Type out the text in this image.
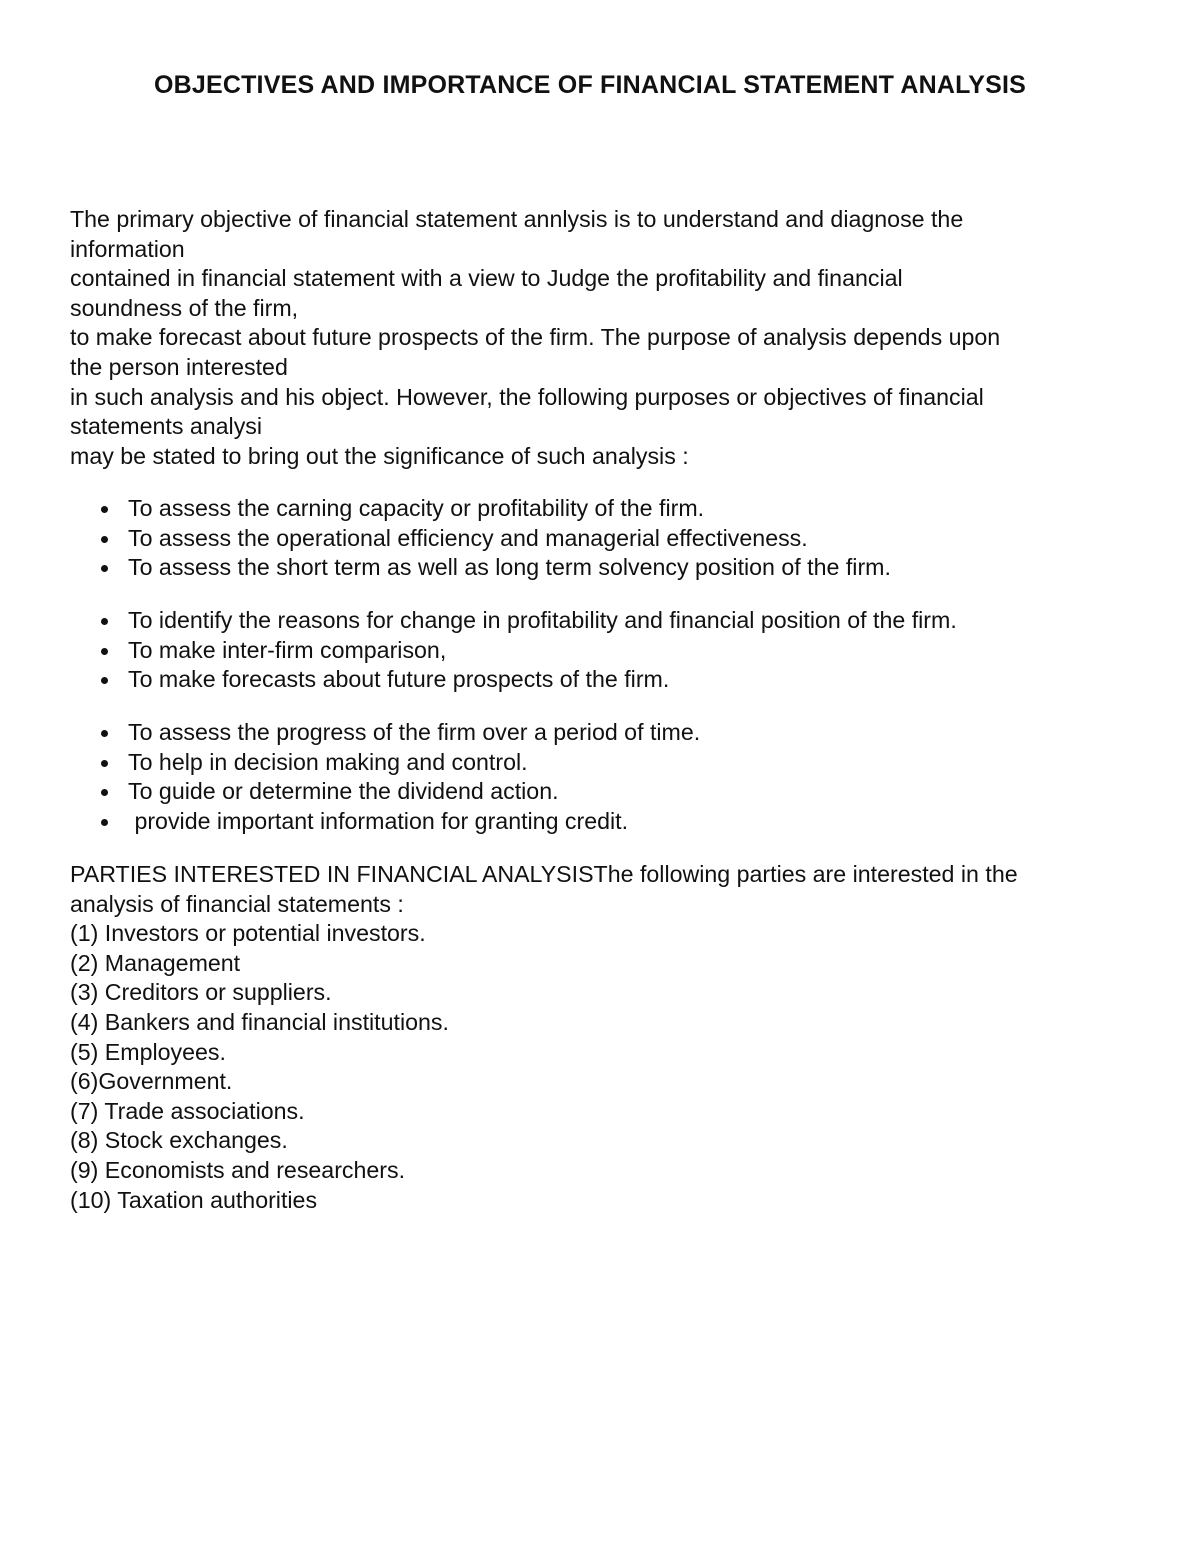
OBJECTIVES AND IMPORTANCE OF FINANCIAL STATEMENT ANALYSIS
The primary objective of financial statement annlysis is to understand and diagnose the
information
contained in financial statement with a view to Judge the profitability and financial
soundness of the firm,
to make forecast about future prospects of the firm. The purpose of analysis depends upon
the person interested
in such analysis and his object. However, the following purposes or objectives of financial
statements analysi
may be stated to bring out the significance of such analysis :
To assess the carning capacity or profitability of the firm.
To assess the operational efficiency and managerial effectiveness.
To assess the short term as well as long term solvency position of the firm.
To identify the reasons for change in profitability and financial position of the firm.
To make inter-firm comparison,
To make forecasts about future prospects of the firm.
To assess the progress of the firm over a period of time.
To help in decision making and control.
To guide or determine the dividend action.
provide important information for granting credit.
PARTIES INTERESTED IN FINANCIAL ANALYSISThe following parties are interested in the
analysis of financial statements :
(1) Investors or potential investors.
(2) Management
(3) Creditors or suppliers.
(4) Bankers and financial institutions.
(5) Employees.
(6)Government.
(7) Trade associations.
(8) Stock exchanges.
(9) Economists and researchers.
(10) Taxation authorities
